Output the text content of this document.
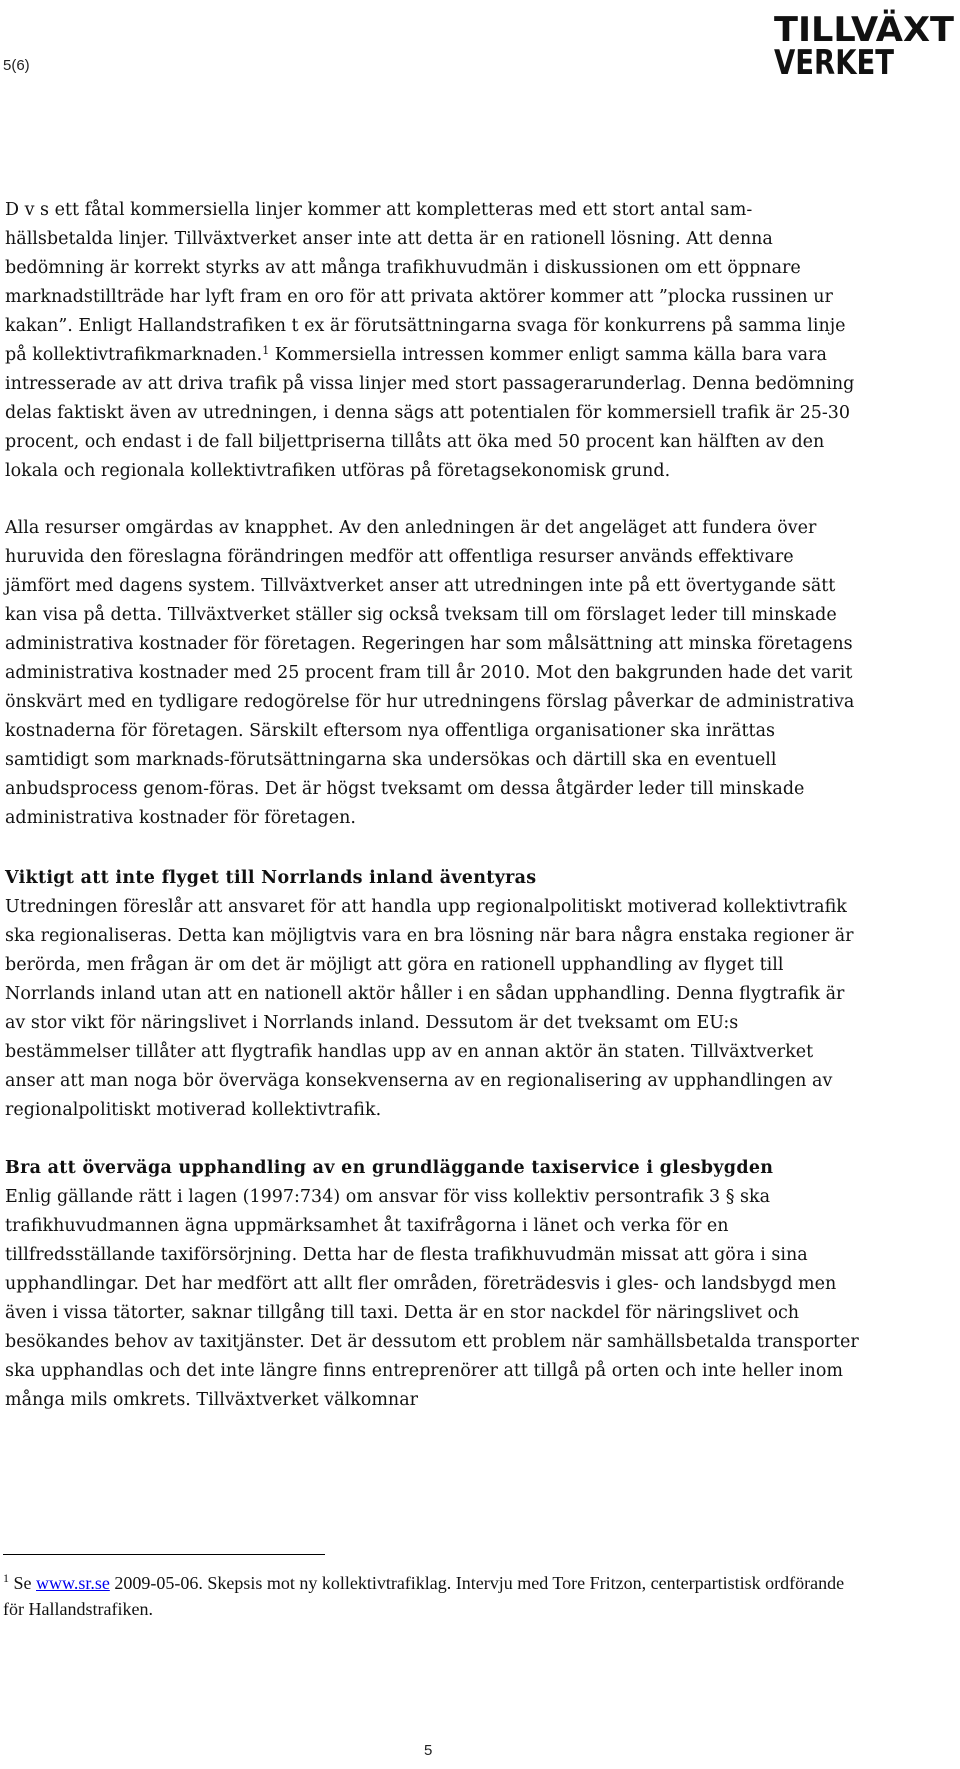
5(6)
TILLVÄXT
VERKET

D v s ett fåtal kommersiella linjer kommer att kompletteras med ett stort antal sam-hällsbetalda linjer. Tillväxtverket anser inte att detta är en rationell lösning. Att denna bedömning är korrekt styrks av att många trafikhuvudmän i diskussionen om ett öppnare marknadstillträde har lyft fram en oro för att privata aktörer kommer att ”plocka russinen ur kakan”. Enligt Hallandstrafiken t ex är förutsättningarna svaga för konkurrens på samma linje på kollektivtrafikmarknaden.$^1$ Kommersiella intressen kommer enligt samma källa bara vara intresserade av att driva trafik på vissa linjer med stort passagerarunderlag. Denna bedömning delas faktiskt även av utredningen, i denna sägs att potentialen för kommersiell trafik är 25-30 procent, och endast i de fall biljettpriserna tillåts att öka med 50 procent kan hälften av den lokala och regionala kollektivtrafiken utföras på företagsekonomisk grund.

Alla resurser omgärdas av knapphet. Av den anledningen är det angeläget att fundera över huruvida den föreslagna förändringen medför att offentliga resurser används effektivare jämfört med dagens system. Tillväxtverket anser att utredningen inte på ett övertygande sätt kan visa på detta. Tillväxtverket ställer sig också tveksam till om förslaget leder till minskade administrativa kostnader för företagen. Regeringen har som målsättning att minska företagens administrativa kostnader med 25 procent fram till år 2010. Mot den bakgrunden hade det varit önskvärt med en tydligare redogörelse för hur utredningens förslag påverkar de administrativa kostnaderna för företagen. Särskilt eftersom nya offentliga organisationer ska inrättas samtidigt som marknads-förutsättningarna ska undersökas och därtill ska en eventuell anbudsprocess genom-föras. Det är högst tveksamt om dessa åtgärder leder till minskade administrativa kostnader för företagen.

Viktigt att inte flyget till Norrlands inland äventyras

Utredningen föreslår att ansvaret för att handla upp regionalpolitiskt motiverad kollektivtrafik ska regionaliseras. Detta kan möjligtvis vara en bra lösning när bara några enstaka regioner är berörda, men frågan är om det är möjligt att göra en rationell upphandling av flyget till Norrlands inland utan att en nationell aktör håller i en sådan upphandling. Denna flygtrafik är av stor vikt för näringslivet i Norrlands inland. Dessutom är det tveksamt om EU:s bestämmelser tillåter att flygtrafik handlas upp av en annan aktör än staten. Tillväxtverket anser att man noga bör överväga konsekvenserna av en regionalisering av upphandlingen av regionalpolitiskt motiverad kollektivtrafik.

Bra att överväga upphandling av en grundläggande taxiservice i glesbygden

Enlig gällande rätt i lagen (1997:734) om ansvar för viss kollektiv persontrafik 3 § ska trafikhuvudmannen ägna uppmärksamhet åt taxifrågorna i länet och verka för en tillfredsställande taxiförsörjning. Detta har de flesta trafikhuvudmän missat att göra i sina upphandlingar. Det har medfört att allt fler områden, företrädesvis i gles- och landsbygd men även i vissa tätorter, saknar tillgång till taxi. Detta är en stor nackdel för näringslivet och besökandes behov av taxitjänster. Det är dessutom ett problem när samhällsbetalda transporter ska upphandlas och det inte längre finns entreprenörer att tillgå på orten och inte heller inom många mils omkrets. Tillväxtverket välkomnar

$^1$ Se www.sr.se 2009-05-06. Skepsis mot ny kollektivtrafiklag. Intervju med Tore Fritzon, centerpartistisk ordförande för Hallandstrafiken.
5
